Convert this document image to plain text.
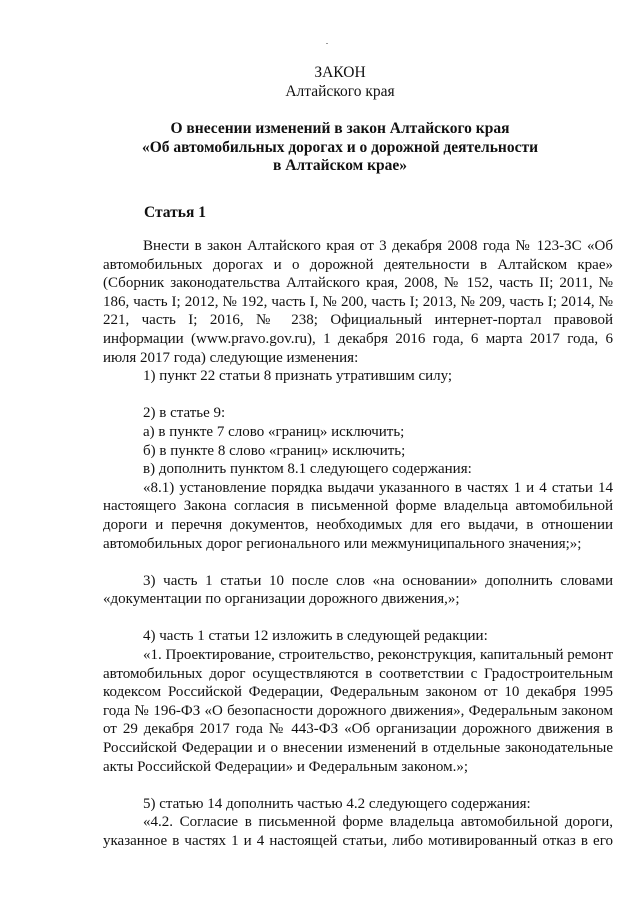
ЗАКОН
Алтайского края
О внесении изменений в закон Алтайского края
«Об автомобильных дорогах и о дорожной деятельности
в Алтайском крае»
Статья 1

Внести в закон Алтайского края от 3 декабря 2008 года № 123-ЗС «Об автомобильных дорогах и о дорожной деятельности в Алтайском крае» (Сборник законодательства Алтайского края, 2008, № 152, часть II; 2011, № 186, часть I; 2012, № 192, часть I, № 200, часть I; 2013, № 209, часть I; 2014, № 221, часть I; 2016, № 238; Официальный интернет-портал правовой информации (www.pravo.gov.ru), 1 декабря 2016 года, 6 марта 2017 года, 6 июля 2017 года) следующие изменения:

1) пункт 22 статьи 8 признать утратившим силу;

2) в статье 9:

а) в пункте 7 слово «границ» исключить;

б) в пункте 8 слово «границ» исключить;

в) дополнить пунктом 8.1 следующего содержания:

«8.1) установление порядка выдачи указанного в частях 1 и 4 статьи 14 настоящего Закона согласия в письменной форме владельца автомобильной дороги и перечня документов, необходимых для его выдачи, в отношении автомобильных дорог регионального или межмуниципального значения;»;

3) часть 1 статьи 10 после слов «на основании» дополнить словами «документации по организации дорожного движения,»;

4) часть 1 статьи 12 изложить в следующей редакции:

«1. Проектирование, строительство, реконструкция, капитальный ремонт автомобильных дорог осуществляются в соответствии с Градостроительным кодексом Российской Федерации, Федеральным законом от 10 декабря 1995 года № 196-ФЗ «О безопасности дорожного движения», Федеральным законом от 29 декабря 2017 года № 443-ФЗ «Об организации дорожного движения в Российской Федерации и о внесении изменений в отдельные законодательные акты Российской Федерации» и Федеральным законом.»;

5) статью 14 дополнить частью 4.2 следующего содержания:

«4.2. Согласие в письменной форме владельца автомобильной дороги,

указанное в частях 1 и 4 настоящей статьи, либо мотивированный отказ в его
